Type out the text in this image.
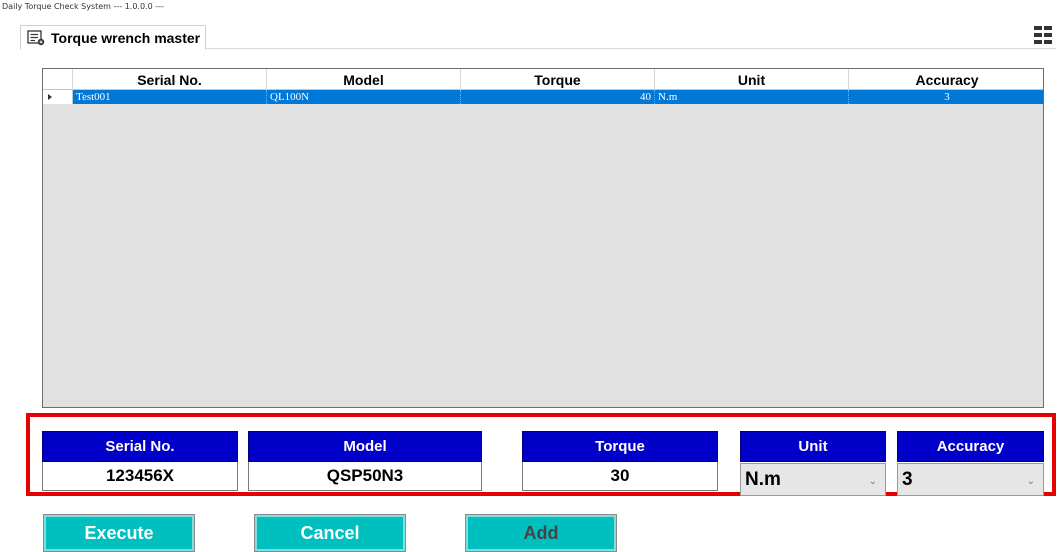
Daily Torque Check System --- 1.0.0.0 ---
Torque wrench master
Serial No.	Model	Torque	Unit	Accuracy
Test001	QL100N	40 N.m	3
Serial No.
123456X
Model
QSP50N3
Torque
30
Unit
N.m	⌄
Accuracy
3	⌄
Execute	Cancel	Add
